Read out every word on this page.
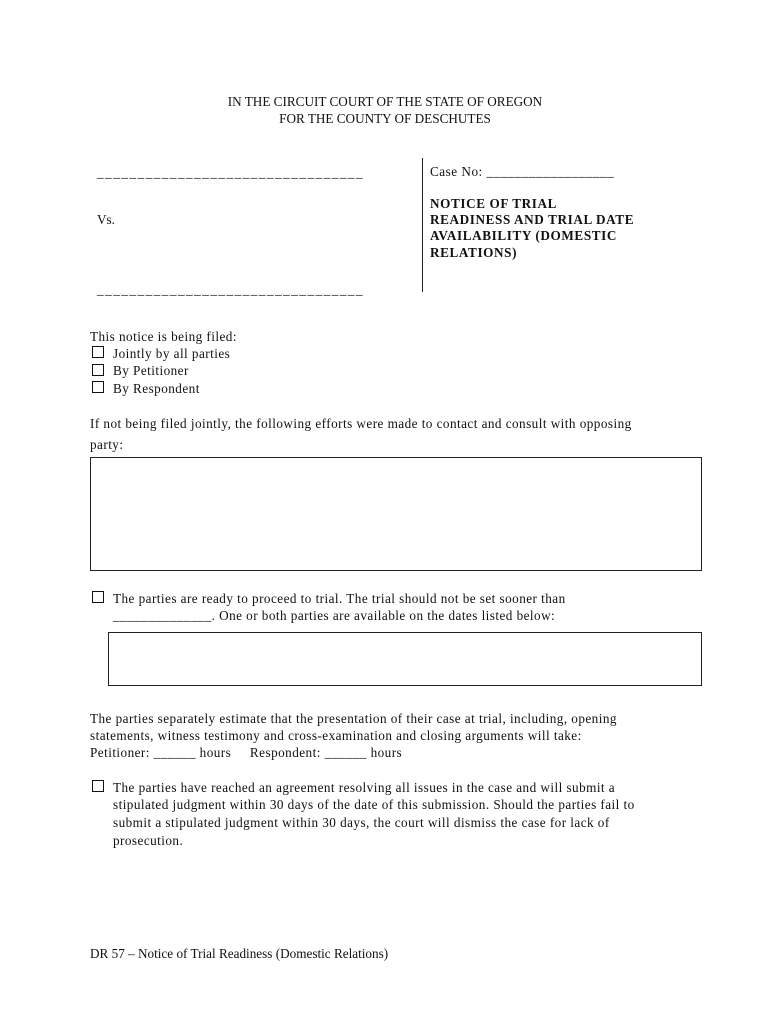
IN THE CIRCUIT COURT OF THE STATE OF OREGON
FOR THE COUNTY OF DESCHUTES
_________________________________
Vs.
_________________________________
Case No: __________________
NOTICE OF TRIAL
READINESS AND TRIAL DATE
AVAILABILITY (DOMESTIC
RELATIONS)
This notice is being filed:
Jointly by all parties
By Petitioner
By Respondent
If not being filed jointly, the following efforts were made to contact and consult with opposing
party:
The parties are ready to proceed to trial. The trial should not be set sooner than
______________. One or both parties are available on the dates listed below:
The parties separately estimate that the presentation of their case at trial, including, opening
statements, witness testimony and cross-examination and closing arguments will take:
Petitioner: ______ hours     Respondent: ______ hours
The parties have reached an agreement resolving all issues in the case and will submit a
stipulated judgment within 30 days of the date of this submission. Should the parties fail to
submit a stipulated judgment within 30 days, the court will dismiss the case for lack of
prosecution.
DR 57 – Notice of Trial Readiness (Domestic Relations)
